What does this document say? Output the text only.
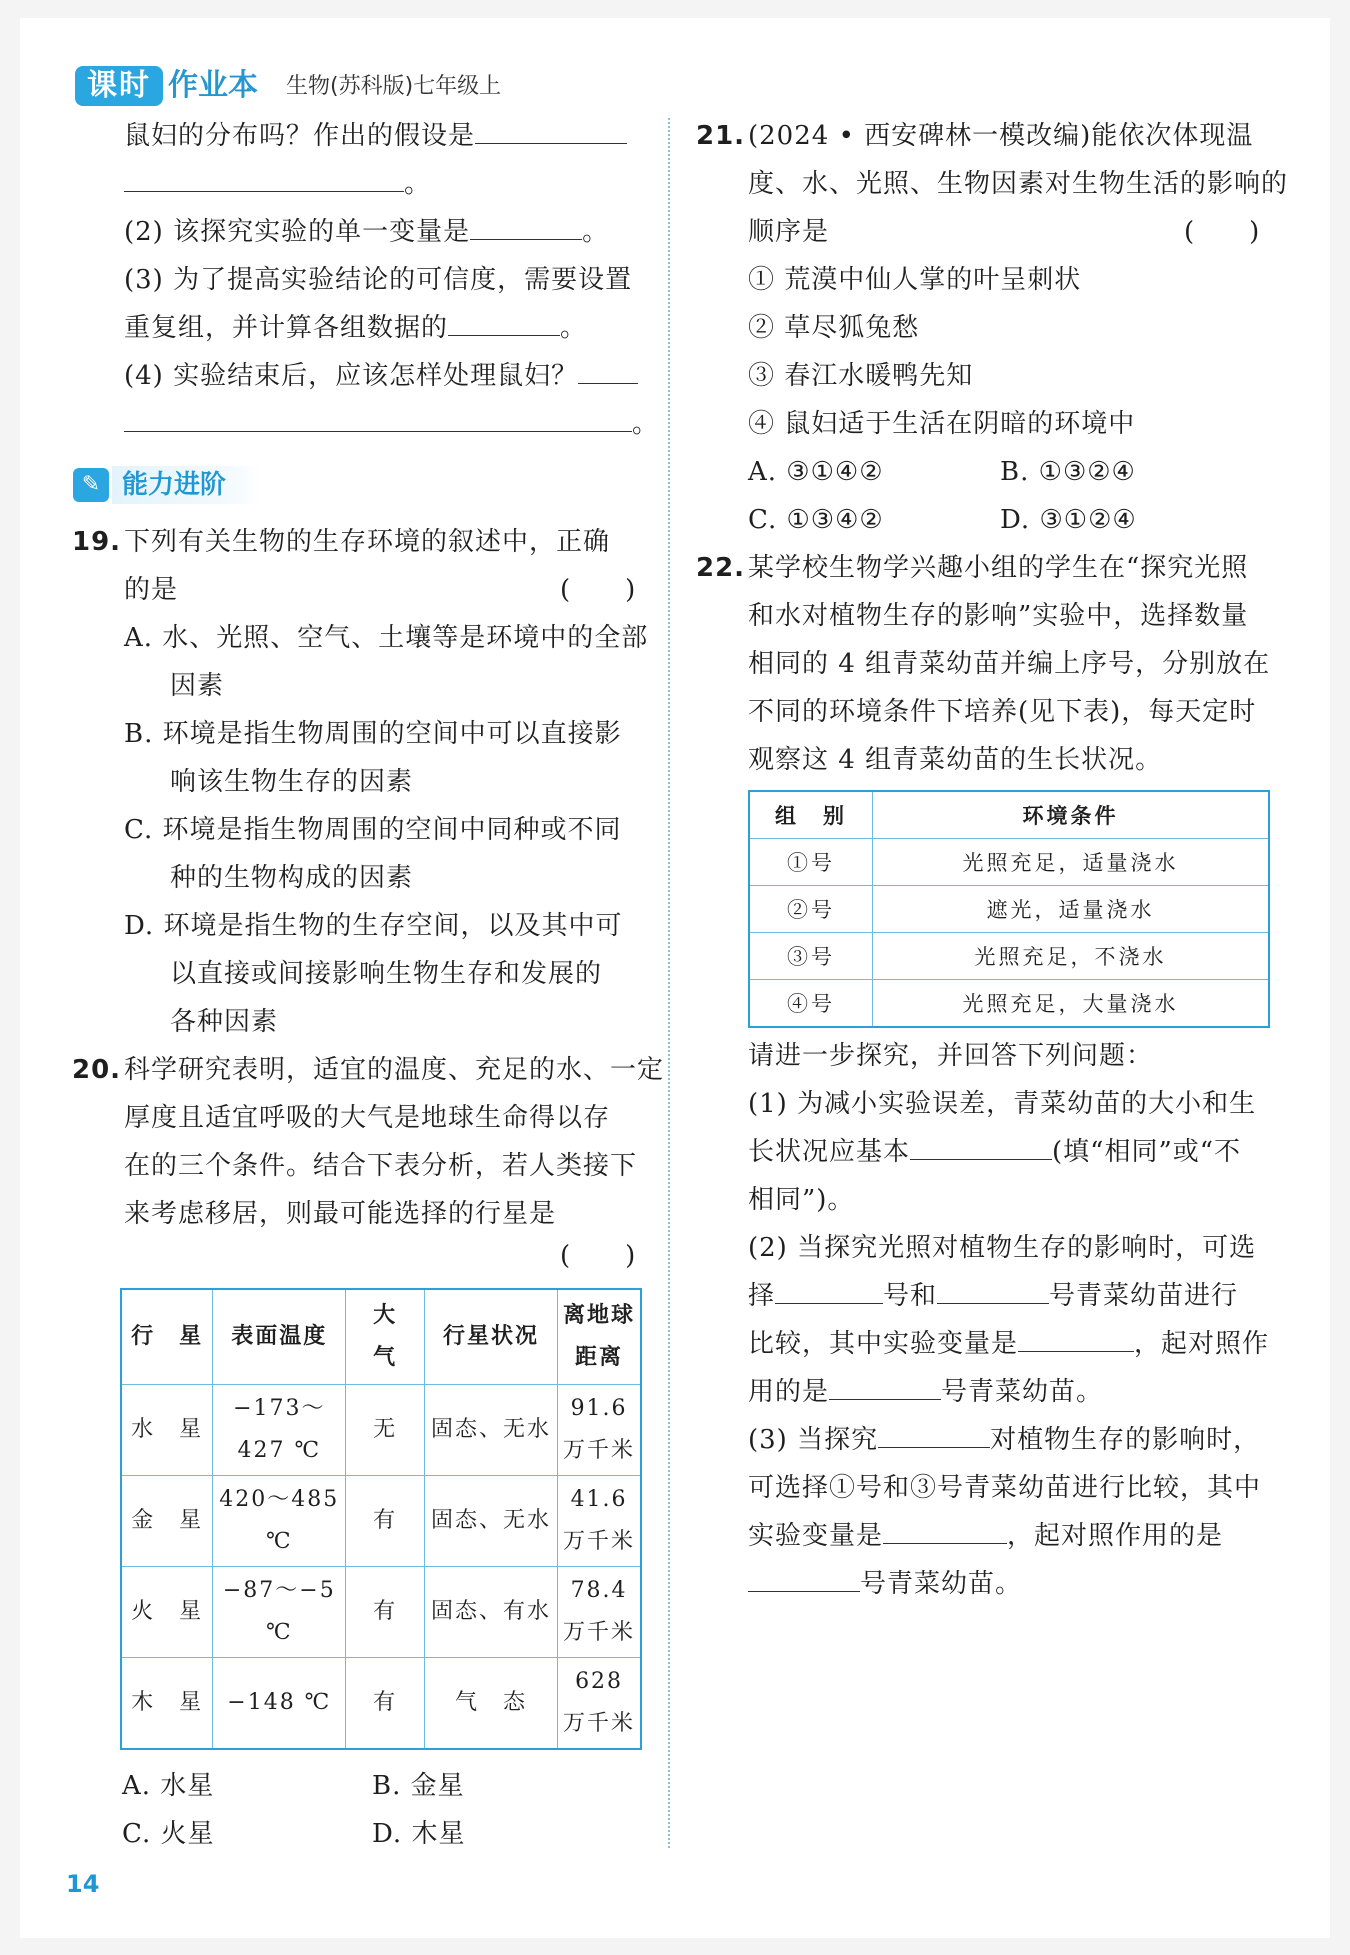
课时 作业本 生物(苏科版)七年级上
鼠妇的分布吗？作出的假设是
。
(2) 该探究实验的单一变量是	。
(3) 为了提高实验结论的可信度，需要设置
重复组，并计算各组数据的	。
(4) 实验结束后，应该怎样处理鼠妇？
。
✎ 能力进阶
19. 下列有关生物的生存环境的叙述中，正确
的是	(　　)
A. 水、光照、空气、土壤等是环境中的全部
因素
B. 环境是指生物周围的空间中可以直接影
响该生物生存的因素
C. 环境是指生物周围的空间中同种或不同
种的生物构成的因素
D. 环境是指生物的生存空间，以及其中可
以直接或间接影响生物生存和发展的
各种因素
20. 科学研究表明，适宜的温度、充足的水、一定
厚度且适宜呼吸的大气是地球生命得以存
在的三个条件。结合下表分析，若人类接下
来考虑移居，则最可能选择的行星是
(　　)
行　星	表面温度	大　气	行星状况	离地球距离
水　星	−173～427 ℃	无	固态、无水	91.6 万千米
金　星	420～485 ℃	有	固态、无水	41.6 万千米
火　星	−87～−5 ℃	有	固态、有水	78.4 万千米
木　星	−148 ℃	有	气　态	628 万千米
A. 水星	B. 金星
C. 火星	D. 木星
21. (2024 • 西安碑林一模改编)能依次体现温
度、水、光照、生物因素对生物生活的影响的
顺序是	(　　)
① 荒漠中仙人掌的叶呈刺状
② 草尽狐兔愁
③ 春江水暖鸭先知
④ 鼠妇适于生活在阴暗的环境中
A. ③①④②	B. ①③②④
C. ①③④②	D. ③①②④
22. 某学校生物学兴趣小组的学生在“探究光照
和水对植物生存的影响”实验中，选择数量
相同的 4 组青菜幼苗并编上序号，分别放在
不同的环境条件下培养(见下表)，每天定时
观察这 4 组青菜幼苗的生长状况。
组　别	环境条件
①号	光照充足，适量浇水
②号	遮光，适量浇水
③号	光照充足，不浇水
④号	光照充足，大量浇水
请进一步探究，并回答下列问题：
(1) 为减小实验误差，青菜幼苗的大小和生
长状况应基本	(填“相同”或“不
相同”)。
(2) 当探究光照对植物生存的影响时，可选
择	号和	号青菜幼苗进行
比较，其中实验变量是	，起对照作
用的是	号青菜幼苗。
(3) 当探究	对植物生存的影响时，
可选择①号和③号青菜幼苗进行比较，其中
实验变量是	，起对照作用的是
号青菜幼苗。
14
